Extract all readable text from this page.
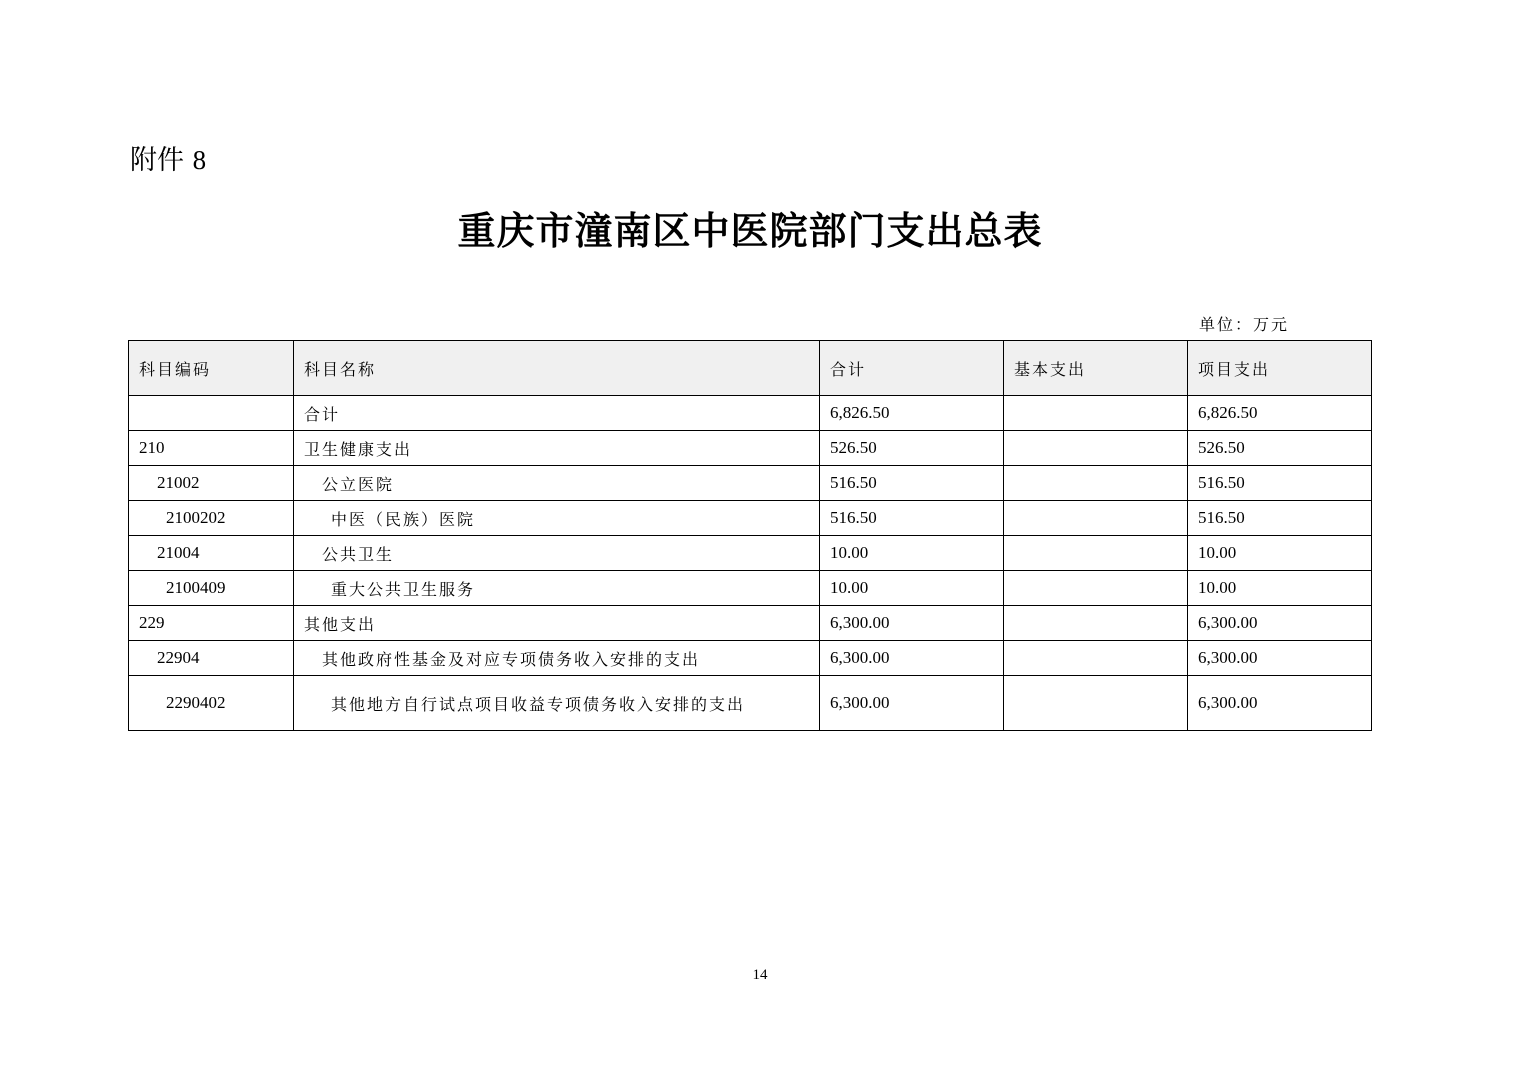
附件 8
重庆市潼南区中医院部门支出总表
单位：万元
科目编码	科目名称	合计	基本支出	项目支出
	合计	6,826.50		6,826.50
210	卫生健康支出	526.50		526.50
21002	公立医院	516.50		516.50
2100202	中医（民族）医院	516.50		516.50
21004	公共卫生	10.00		10.00
2100409	重大公共卫生服务	10.00		10.00
229	其他支出	6,300.00		6,300.00
22904	其他政府性基金及对应专项债务收入安排的支出	6,300.00		6,300.00
2290402	其他地方自行试点项目收益专项债务收入安排的支出	6,300.00		6,300.00
14
